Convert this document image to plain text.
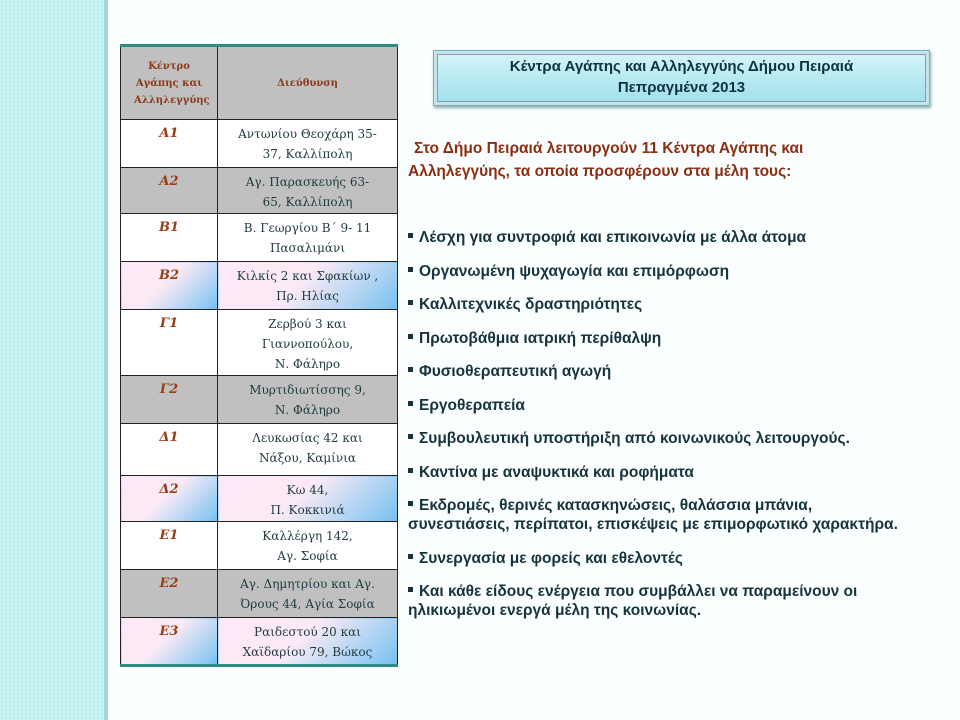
Κέντρο Αγάπης και Αλληλεγγύης	Διεύθυνση

Α1	Αντωνίου Θεοχάρη 35-
37, Καλλίπολη

Α2	Αγ. Παρασκευής 63-
65, Καλλίπολη

Β1	Β. Γεωργίου Β΄ 9- 11
Πασαλιμάνι

Β2	Κιλκίς 2 και Σφακίων ,
Πρ. Ηλίας

Γ1	Ζερβού 3 και
Γιαννοπούλου,
Ν. Φάληρο

Γ2	Μυρτιδιωτίσσης 9,
Ν. Φάληρο

Δ1	Λευκωσίας 42 και
Νάξου, Καμίνια

Δ2	Κω 44,
Π. Κοκκινιά

Ε1	Καλλέργη 142,
Αγ. Σοφία

Ε2	Αγ. Δημητρίου και Αγ.
Όρους 44, Αγία Σοφία

Ε3	Ραιδεστού 20 και
Χαϊδαρίου 79, Βώκος
Κέντρα Αγάπης και Αλληλεγγύης Δήμου Πειραιά
Πεπραγμένα 2013
Στο Δήμο Πειραιά λειτουργούν 11 Κέντρα Αγάπης και
Αλληλεγγύης, τα οποία προσφέρουν στα μέλη τους:
Λέσχη για συντροφιά και επικοινωνία με άλλα άτομα
Οργανωμένη ψυχαγωγία και επιμόρφωση
Καλλιτεχνικές δραστηριότητες
Πρωτοβάθμια ιατρική περίθαλψη
Φυσιοθεραπευτική αγωγή
Εργοθεραπεία
Συμβουλευτική υποστήριξη από κοινωνικούς λειτουργούς.
Καντίνα με αναψυκτικά και ροφήματα
Εκδρομές, θερινές κατασκηνώσεις, θαλάσσια μπάνια, συνεστιάσεις, περίπατοι, επισκέψεις με επιμορφωτικό χαρακτήρα.
Συνεργασία με φορείς και εθελοντές
Και κάθε είδους ενέργεια που συμβάλλει να παραμείνουν οι ηλικιωμένοι ενεργά μέλη της κοινωνίας.
